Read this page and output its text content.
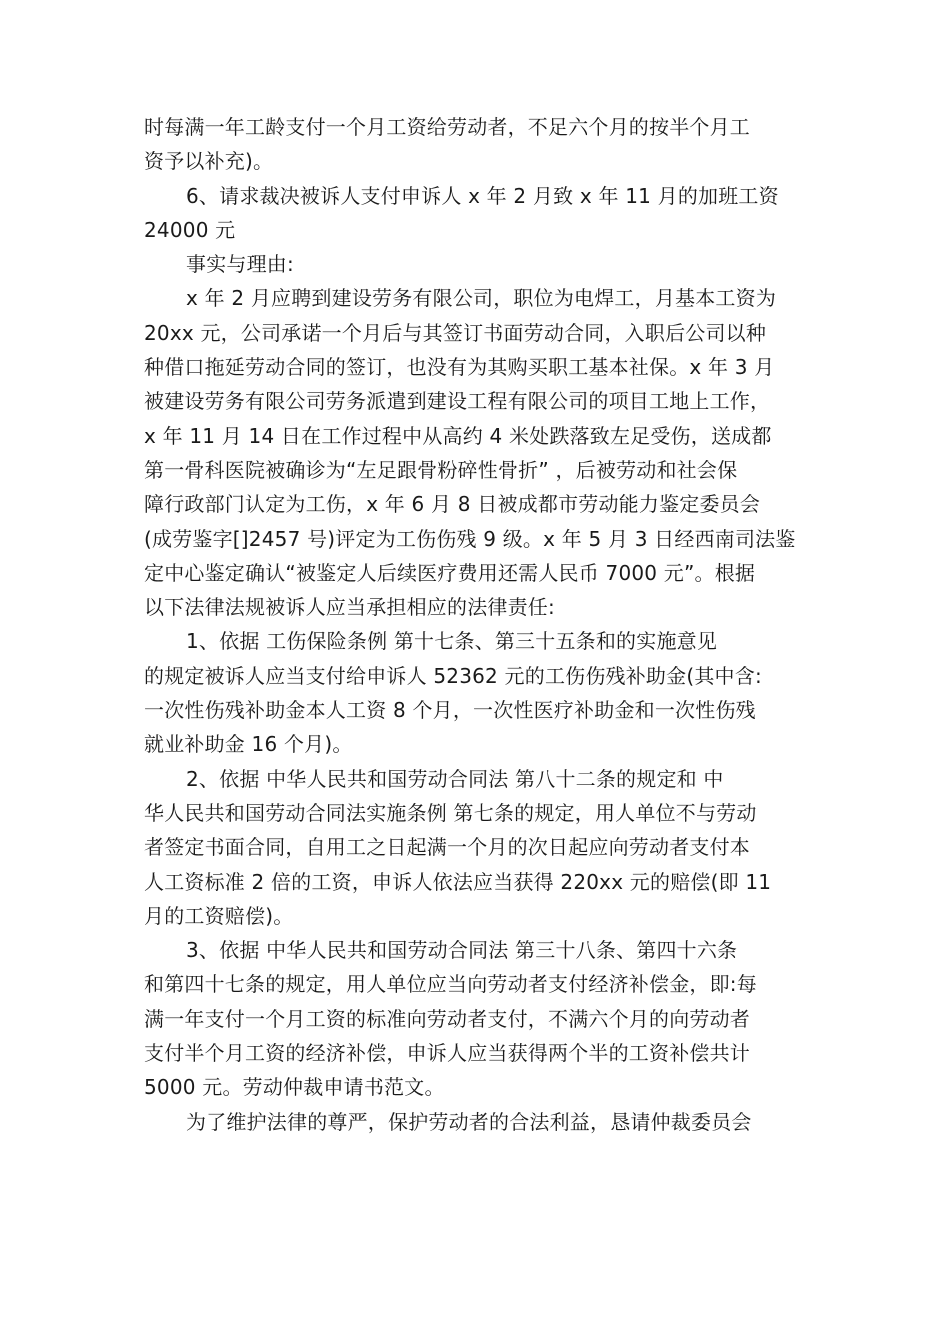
时每满一年工龄支付一个月工资给劳动者，不足六个月的按半个月工
资予以补充)。
6、请求裁决被诉人支付申诉人 x 年 2 月致 x 年 11 月的加班工资
24000 元
事实与理由:
x 年 2 月应聘到建设劳务有限公司，职位为电焊工，月基本工资为
20xx 元，公司承诺一个月后与其签订书面劳动合同，入职后公司以种
种借口拖延劳动合同的签订，也没有为其购买职工基本社保。x 年 3 月
被建设劳务有限公司劳务派遣到建设工程有限公司的项目工地上工作，
x 年 11 月 14 日在工作过程中从高约 4 米处跌落致左足受伤，送成都
第一骨科医院被确诊为“左足跟骨粉碎性骨折” ，后被劳动和社会保
障行政部门认定为工伤，x 年 6 月 8 日被成都市劳动能力鉴定委员会
(成劳鉴字[]2457 号)评定为工伤伤残 9 级。x 年 5 月 3 日经西南司法鉴
定中心鉴定确认“被鉴定人后续医疗费用还需人民币 7000 元”。根据
以下法律法规被诉人应当承担相应的法律责任:
1、依据 工伤保险条例 第十七条、第三十五条和的实施意见
的规定被诉人应当支付给申诉人 52362 元的工伤伤残补助金(其中含:
一次性伤残补助金本人工资 8 个月，一次性医疗补助金和一次性伤残
就业补助金 16 个月)。
2、依据 中华人民共和国劳动合同法 第八十二条的规定和 中
华人民共和国劳动合同法实施条例 第七条的规定，用人单位不与劳动
者签定书面合同，自用工之日起满一个月的次日起应向劳动者支付本
人工资标准 2 倍的工资，申诉人依法应当获得 220xx 元的赔偿(即 11
月的工资赔偿)。
3、依据 中华人民共和国劳动合同法 第三十八条、第四十六条
和第四十七条的规定，用人单位应当向劳动者支付经济补偿金，即:每
满一年支付一个月工资的标准向劳动者支付，不满六个月的向劳动者
支付半个月工资的经济补偿，申诉人应当获得两个半的工资补偿共计
5000 元。劳动仲裁申请书范文。
为了维护法律的尊严，保护劳动者的合法利益，恳请仲裁委员会
